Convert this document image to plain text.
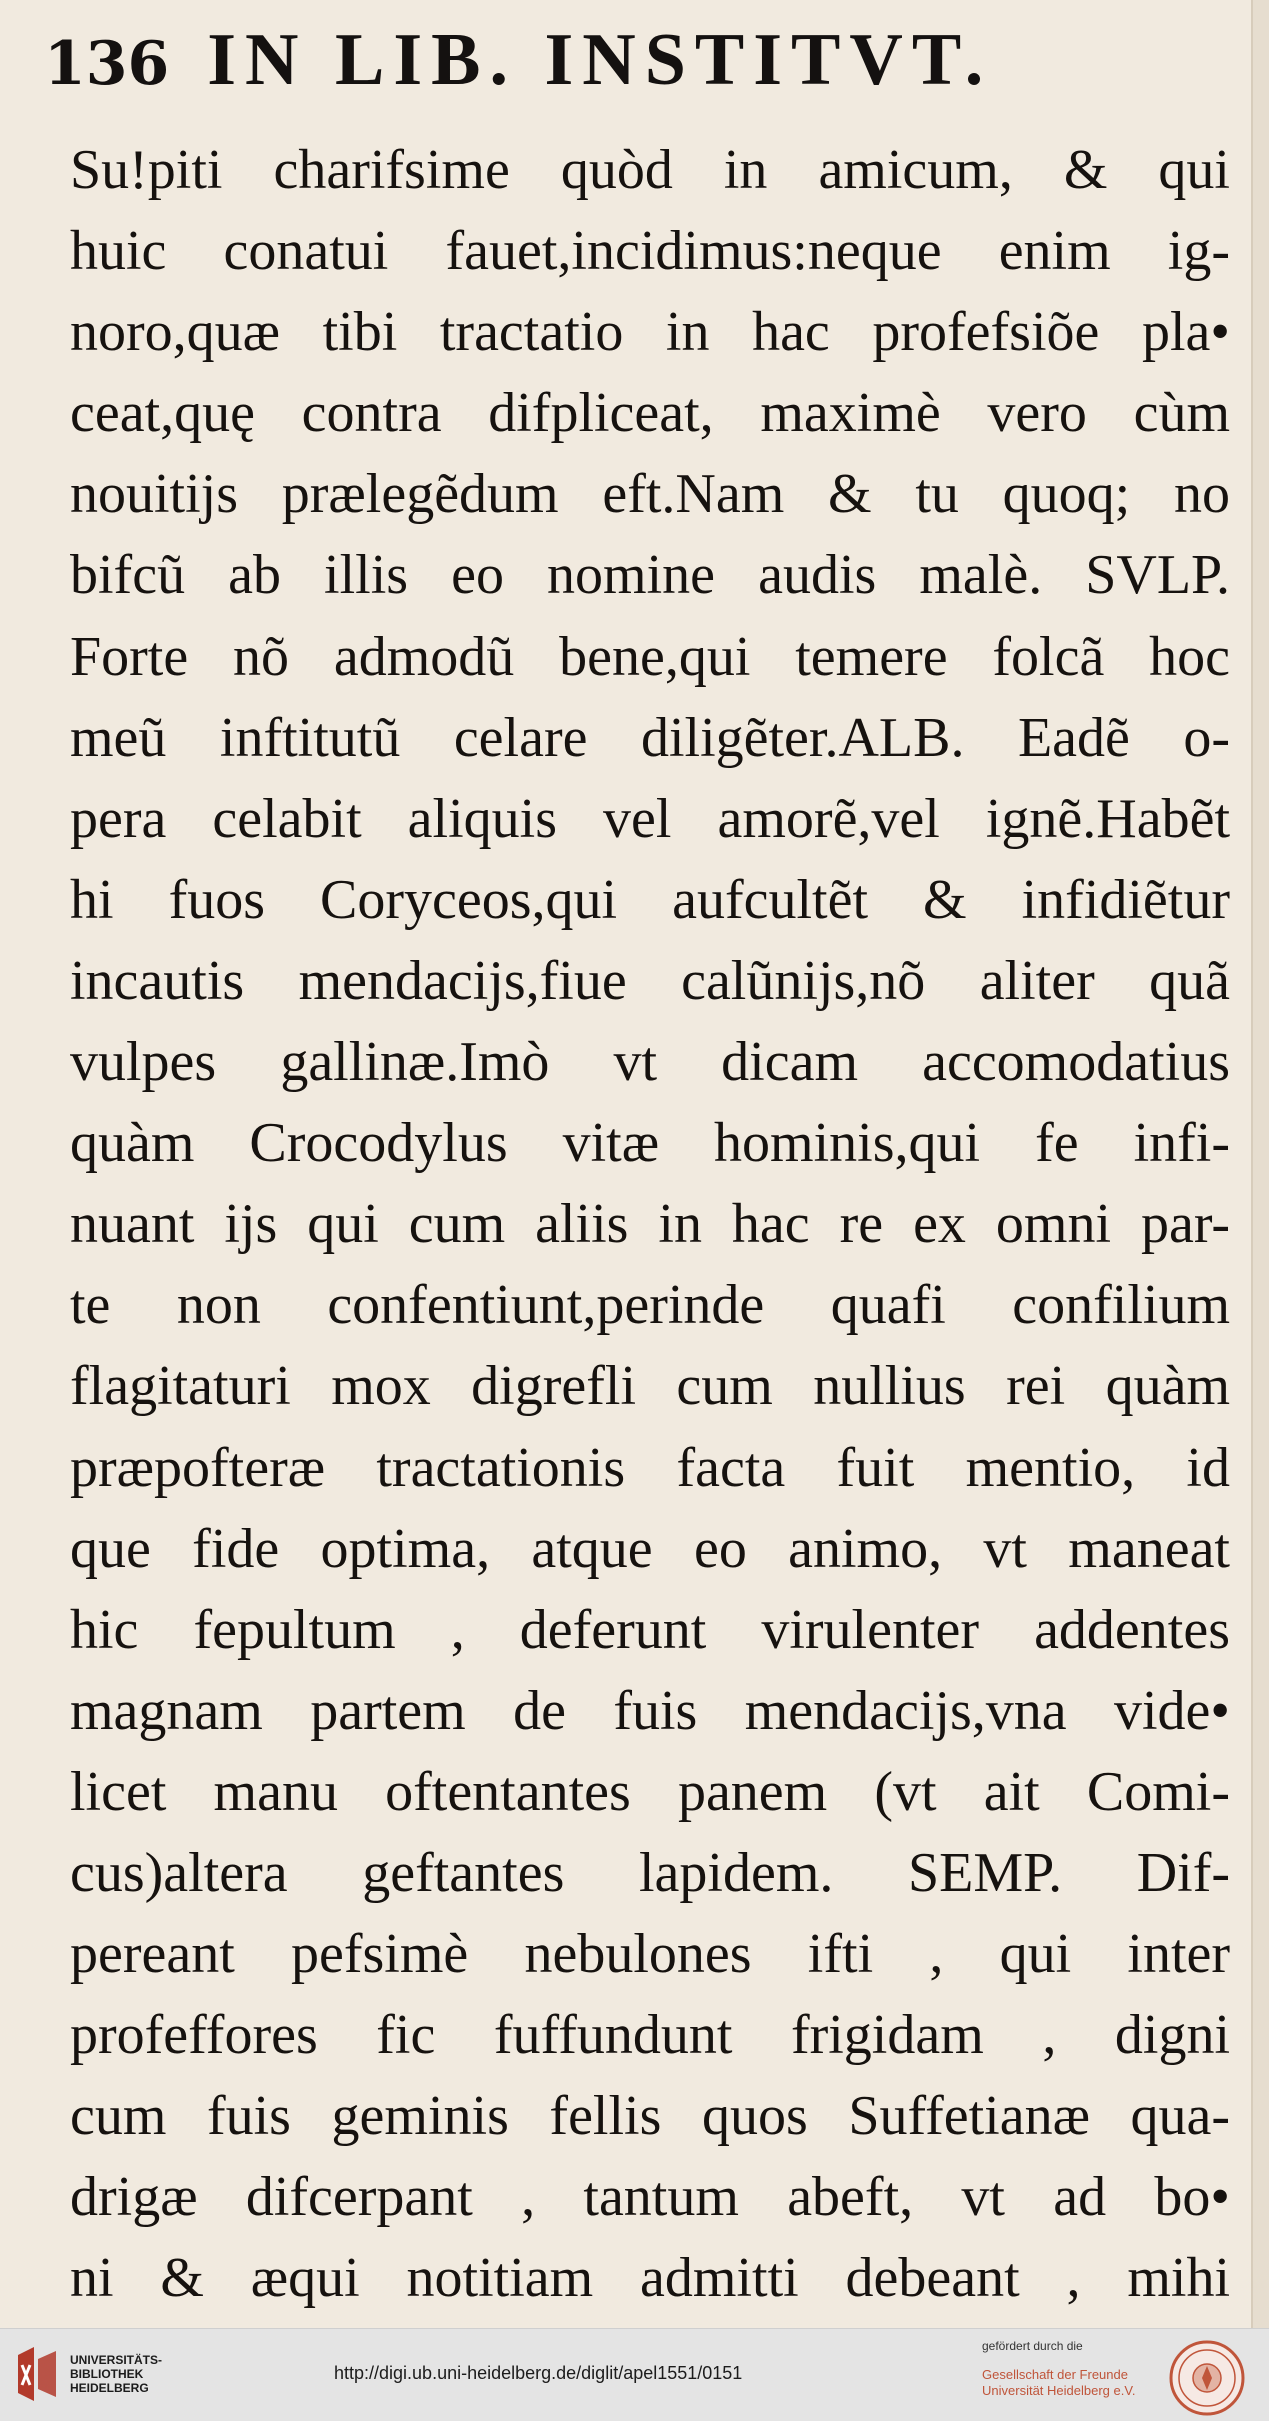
136 IN LIB. INSTITVT.
Su!piti charifsime quòd in amicum, & qui
huic conatui fauet,incidimus:neque enim ig-
noro,quæ tibi tractatio in hac profefsiõe pla•
ceat,quę contra difpliceat, maximè vero cùm
nouitijs prælegẽdum eft.Nam & tu quoq; no
bifcũ ab illis eo nomine audis malè. SVLP.
Forte nõ admodũ bene,qui temere folcã hoc
meũ inftitutũ celare diligẽter.ALB. Eadẽ o-
pera celabit aliquis vel amorẽ,vel ignẽ.Habẽt
hi fuos Coryceos,qui aufcultẽt & infidiẽtur
incautis mendacijs,fiue calũnijs,nõ aliter quã
vulpes gallinæ.Imò vt dicam accomodatius
quàm Crocodylus vitæ hominis,qui fe infi-
nuant ijs qui cum aliis in hac re ex omni par-
te non confentiunt,perinde quafi confilium
flagitaturi mox digrefli cum nullius rei quàm
præpofteræ tractationis facta fuit mentio, id
que fide optima, atque eo animo, vt maneat
hic fepultum , deferunt virulenter addentes
magnam partem de fuis mendacijs,vna vide•
licet manu oftentantes panem (vt ait Comi-
cus)altera geftantes lapidem. SEMP. Dif-
pereant pefsimè nebulones ifti , qui inter
profeffores fic fuffundunt frigidam , digni
cum fuis geminis fellis quos Suffetianæ qua-
drigæ difcerpant , tantum abeft, vt ad bo•
ni & æqui notitiam admitti debeant , mihi
UNIVERSITÄTS-
BIBLIOTHEK
HEIDELBERG
http://digi.ub.uni-heidelberg.de/diglit/apel1551/0151
gefördert durch die
Gesellschaft der Freunde
Universität Heidelberg e.V.
